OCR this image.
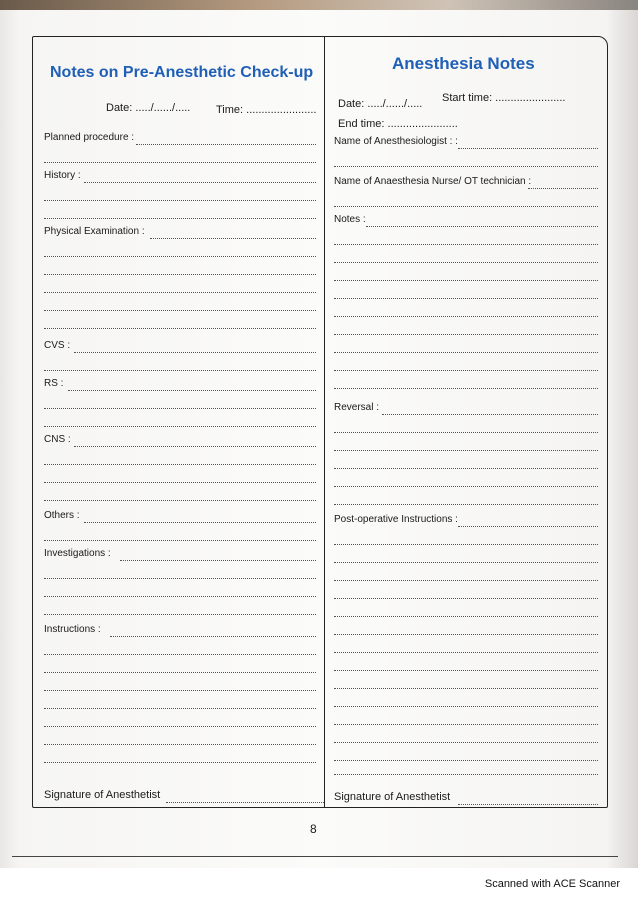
Notes on Pre-Anesthetic Check-up
Date: ...../....../..... Time: .......................
Planned procedure :
History :
Physical Examination :
CVS :
RS :
CNS :
Others :
Investigations :
Instructions :
Signature of Anesthetist
Anesthesia Notes
Date: ...../....../..... Start time: .......................
End time: .......................
Name of Anesthesiologist : :
Name of Anaesthesia Nurse/ OT technician :
Notes :
Reversal :
Post-operative Instructions :
Signature of Anesthetist
8
Scanned with ACE Scanner
